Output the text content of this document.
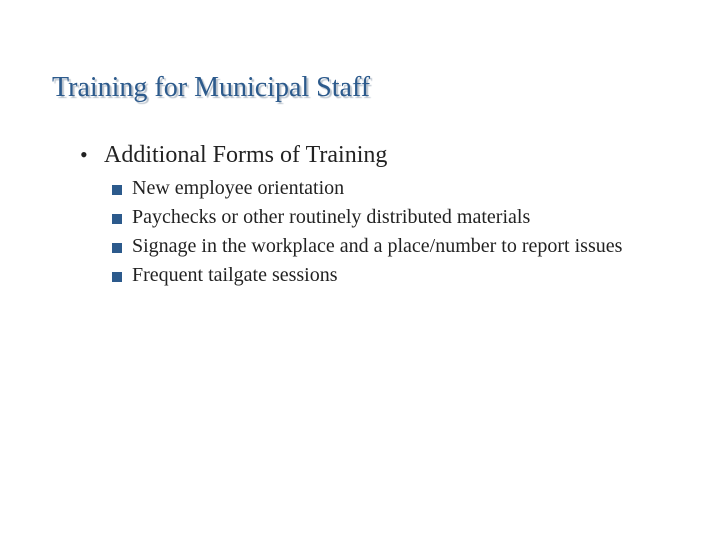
Training for Municipal Staff
• Additional Forms of Training
New employee orientation
Paychecks or other routinely distributed materials
Signage in the workplace and a place/number to report issues
Frequent tailgate sessions
